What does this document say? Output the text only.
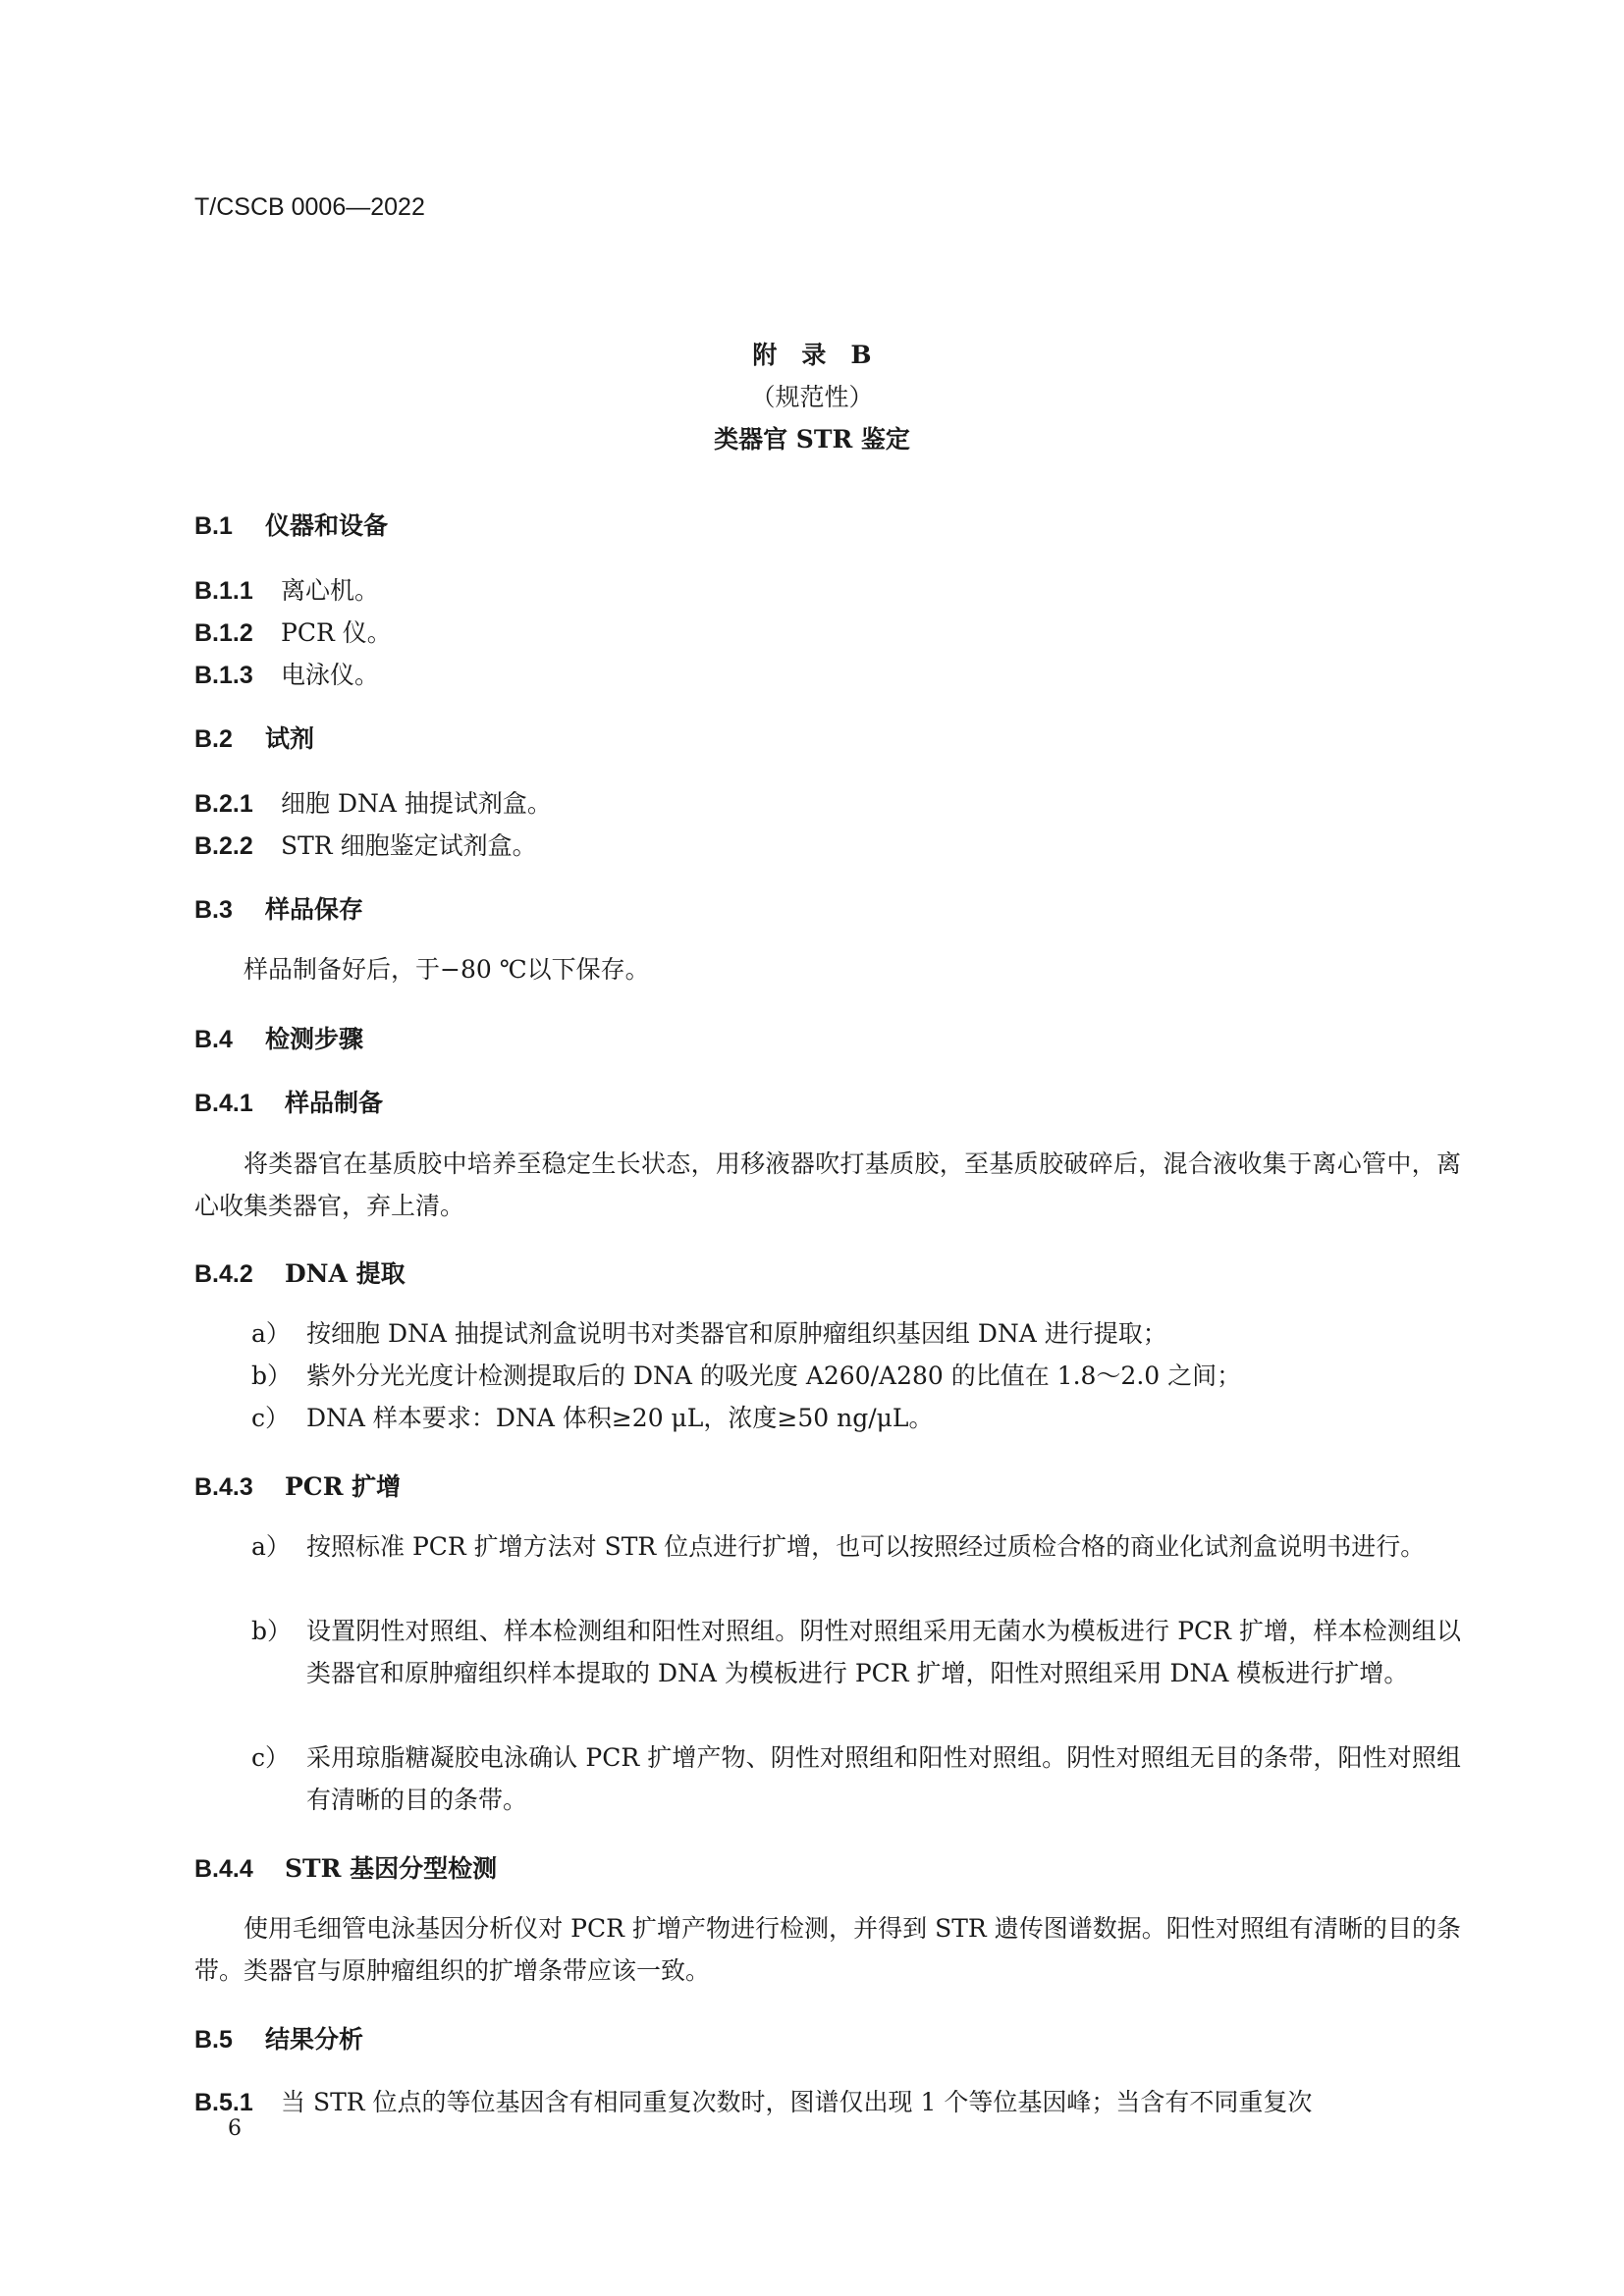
T/CSCB 0006—2022
附　录　B
（规范性）
类器官 STR 鉴定
B.1 仪器和设备
B.1.1 离心机。
B.1.2 PCR 仪。
B.1.3 电泳仪。
B.2 试剂
B.2.1 细胞 DNA 抽提试剂盒。
B.2.2 STR 细胞鉴定试剂盒。
B.3 样品保存
样品制备好后，于−80 ℃以下保存。
B.4 检测步骤
B.4.1 样品制备
将类器官在基质胶中培养至稳定生长状态，用移液器吹打基质胶，至基质胶破碎后，混合液收集于离心管中，离心收集类器官，弃上清。
B.4.2 DNA 提取
a） 按细胞 DNA 抽提试剂盒说明书对类器官和原肿瘤组织基因组 DNA 进行提取；
b） 紫外分光光度计检测提取后的 DNA 的吸光度 A260/A280 的比值在 1.8～2.0 之间；
c） DNA 样本要求：DNA 体积≥20 μL，浓度≥50 ng/μL。
B.4.3 PCR 扩增
a） 按照标准 PCR 扩增方法对 STR 位点进行扩增，也可以按照经过质检合格的商业化试剂盒说明书进行。
b） 设置阴性对照组、样本检测组和阳性对照组。阴性对照组采用无菌水为模板进行 PCR 扩增，样本检测组以类器官和原肿瘤组织样本提取的 DNA 为模板进行 PCR 扩增，阳性对照组采用 DNA 模板进行扩增。
c） 采用琼脂糖凝胶电泳确认 PCR 扩增产物、阴性对照组和阳性对照组。阴性对照组无目的条带，阳性对照组有清晰的目的条带。
B.4.4 STR 基因分型检测
使用毛细管电泳基因分析仪对 PCR 扩增产物进行检测，并得到 STR 遗传图谱数据。阳性对照组有清晰的目的条带。类器官与原肿瘤组织的扩增条带应该一致。
B.5 结果分析
B.5.1 当 STR 位点的等位基因含有相同重复次数时，图谱仅出现 1 个等位基因峰；当含有不同重复次
6
